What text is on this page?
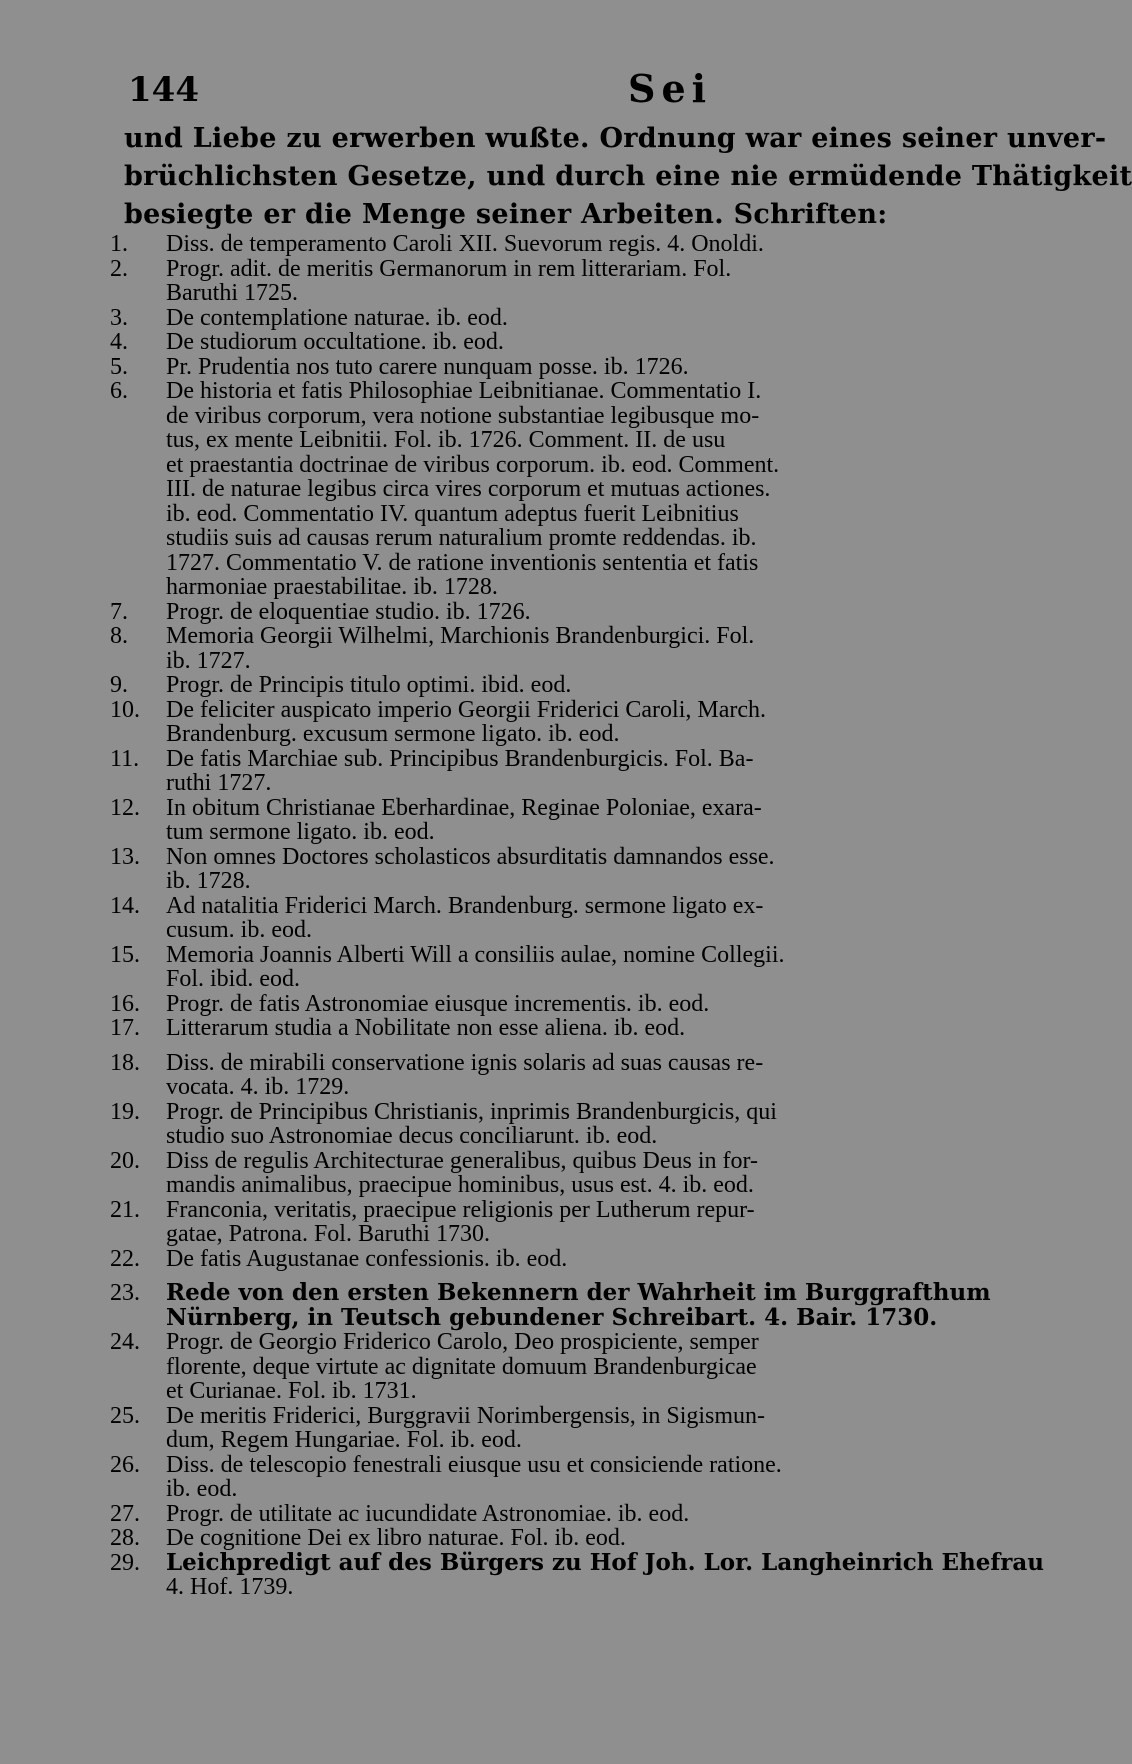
144	Sei
und Liebe zu erwerben wußte. Ordnung war eines seiner unver-
brüchlichsten Gesetze, und durch eine nie ermüdende Thätigkeit
besiegte er die Menge seiner Arbeiten. Schriften:
1.	Diss. de temperamento Caroli XII. Suevorum regis. 4. Onoldi.
2.	Progr. adit. de meritis Germanorum in rem litterariam. Fol.
Baruthi 1725.
3.	De contemplatione naturae. ib. eod.
4.	De studiorum occultatione. ib. eod.
5.	Pr. Prudentia nos tuto carere nunquam posse. ib. 1726.
6.	De historia et fatis Philosophiae Leibnitianae. Commentatio I.
de viribus corporum, vera notione substantiae legibusque mo-
tus, ex mente Leibnitii. Fol. ib. 1726. Comment. II. de usu
et praestantia doctrinae de viribus corporum. ib. eod. Comment.
III. de naturae legibus circa vires corporum et mutuas actiones.
ib. eod. Commentatio IV. quantum adeptus fuerit Leibnitius
studiis suis ad causas rerum naturalium promte reddendas. ib.
1727. Commentatio V. de ratione inventionis sententia et fatis
harmoniae praestabilitae. ib. 1728.
7.	Progr. de eloquentiae studio. ib. 1726.
8.	Memoria Georgii Wilhelmi, Marchionis Brandenburgici. Fol.
ib. 1727.
9.	Progr. de Principis titulo optimi. ibid. eod.
10.	De feliciter auspicato imperio Georgii Friderici Caroli, March.
Brandenburg. excusum sermone ligato. ib. eod.
11.	De fatis Marchiae sub. Principibus Brandenburgicis. Fol. Ba-
ruthi 1727.
12.	In obitum Christianae Eberhardinae, Reginae Poloniae, exara-
tum sermone ligato. ib. eod.
13.	Non omnes Doctores scholasticos absurditatis damnandos esse.
ib. 1728.
14.	Ad natalitia Friderici March. Brandenburg. sermone ligato ex-
cusum. ib. eod.
15.	Memoria Joannis Alberti Will a consiliis aulae, nomine Collegii.
Fol. ibid. eod.
16.	Progr. de fatis Astronomiae eiusque incrementis. ib. eod.
17.	Litterarum studia a Nobilitate non esse aliena. ib. eod.
18.	Diss. de mirabili conservatione ignis solaris ad suas causas re-
vocata. 4. ib. 1729.
19.	Progr. de Principibus Christianis, inprimis Brandenburgicis, qui
studio suo Astronomiae decus conciliarunt. ib. eod.
20.	Diss de regulis Architecturae generalibus, quibus Deus in for-
mandis animalibus, praecipue hominibus, usus est. 4. ib. eod.
21.	Franconia, veritatis, praecipue religionis per Lutherum repur-
gatae, Patrona. Fol. Baruthi 1730.
22.	De fatis Augustanae confessionis. ib. eod.
23.	Rede von den ersten Bekennern der Wahrheit im Burggrafthum
Nürnberg, in Teutsch gebundener Schreibart. 4. Bair. 1730.
24.	Progr. de Georgio Friderico Carolo, Deo prospiciente, semper
florente, deque virtute ac dignitate domuum Brandenburgicae
et Curianae. Fol. ib. 1731.
25.	De meritis Friderici, Burggravii Norimbergensis, in Sigismun-
dum, Regem Hungariae. Fol. ib. eod.
26.	Diss. de telescopio fenestrali eiusque usu et consiciende ratione.
ib. eod.
27.	Progr. de utilitate ac iucundidate Astronomiae. ib. eod.
28.	De cognitione Dei ex libro naturae. Fol. ib. eod.
29.	Leichpredigt auf des Bürgers zu Hof Joh. Lor. Langheinrich Ehefrau
4. Hof. 1739.
